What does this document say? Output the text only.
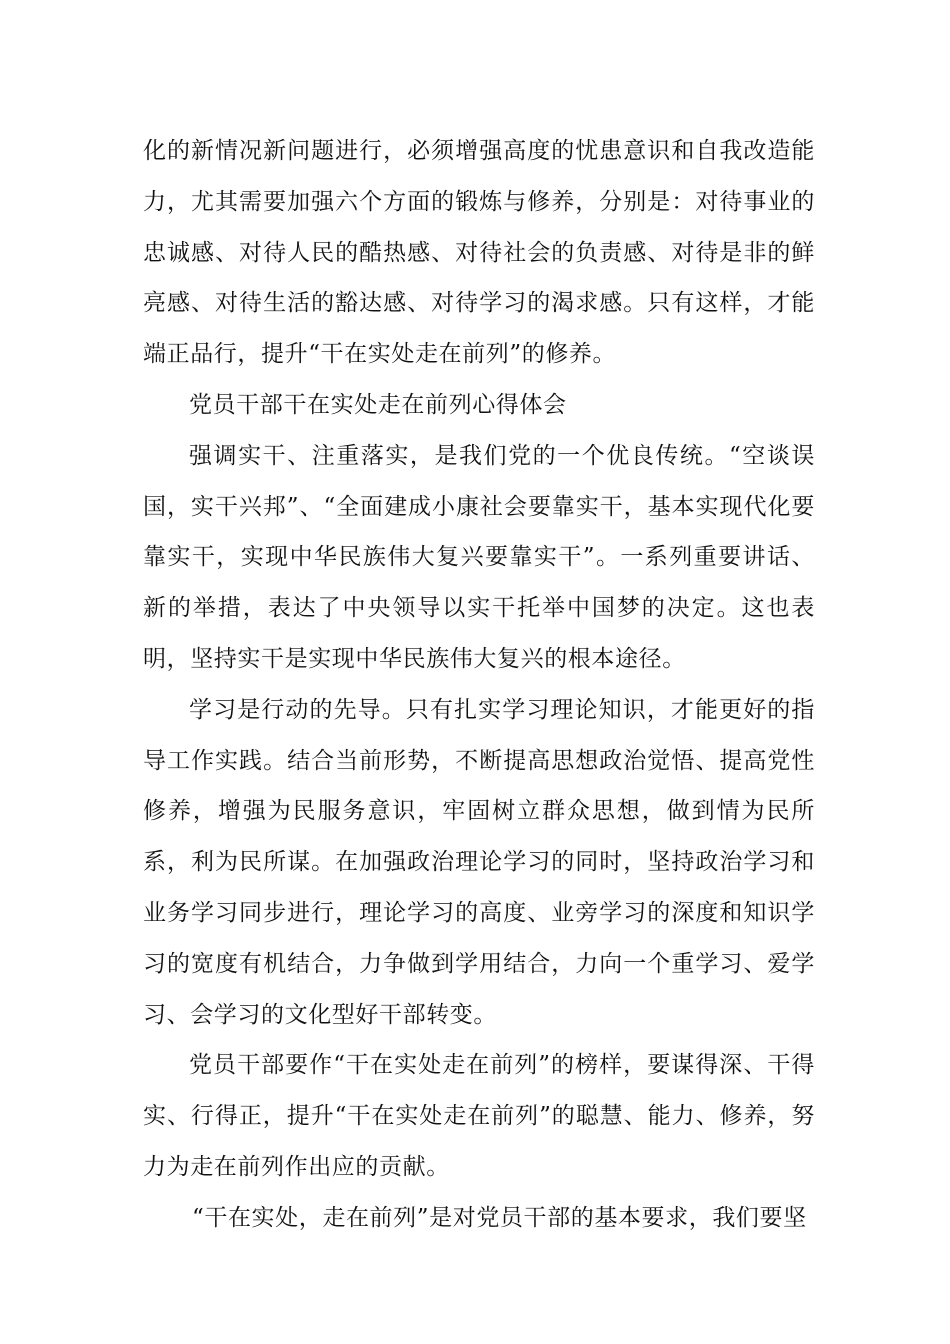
化的新情况新问题进行，必须增强高度的忧患意识和自我改造能力，尤其需要加强六个方面的锻炼与修养，分别是：对待事业的忠诚感、对待人民的酷热感、对待社会的负责感、对待是非的鲜亮感、对待生活的豁达感、对待学习的渴求感。只有这样，才能端正品行，提升“干在实处走在前列”的修养。

党员干部干在实处走在前列心得体会

强调实干、注重落实，是我们党的一个优良传统。“空谈误国，实干兴邦”、“全面建成小康社会要靠实干，基本实现代化要靠实干，实现中华民族伟大复兴要靠实干”。一系列重要讲话、新的举措，表达了中央领导以实干托举中国梦的决定。这也表明，坚持实干是实现中华民族伟大复兴的根本途径。

学习是行动的先导。只有扎实学习理论知识，才能更好的指导工作实践。结合当前形势，不断提高思想政治觉悟、提高党性修养，增强为民服务意识，牢固树立群众思想，做到情为民所系，利为民所谋。在加强政治理论学习的同时，坚持政治学习和业务学习同步进行，理论学习的高度、业旁学习的深度和知识学习的宽度有机结合，力争做到学用结合，力向一个重学习、爱学习、会学习的文化型好干部转变。

党员干部要作“干在实处走在前列”的榜样，要谋得深、干得实、行得正，提升“干在实处走在前列”的聪慧、能力、修养，努力为走在前列作出应的贡献。

“干在实处，走在前列”是对党员干部的基本要求，我们要坚
